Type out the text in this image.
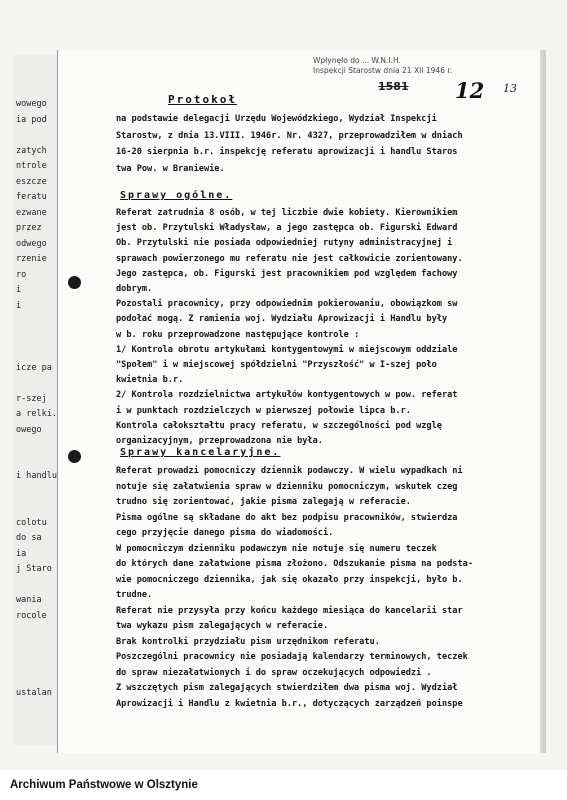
wowego
ia pod
zatych
ntrole
eszcze
feratu
ezwane
przez
odwego
rzenie
ro
i
i
icze pa
r-szej
a relki.
owego
i handlu
colotu
do sa
ia
j Staro
wania
rocole
ustalan
Wpłynęło do ... W.N.I.H.
Inspekcji Starostw dnia 21 XII 1946 r.
1581 12 13
Protokoł
na podstawie delegacji Urzędu Wojewódzkiego, Wydział Inspekcji
Starostw, z dnia 13.VIII. 1946r. Nr. 4327, przeprowadziłem w dniach
16-20 sierpnia b.r. inspekcję referatu aprowizacji i handlu Staros
twa Pow. w Braniewie.
Sprawy ogólne.
Referat zatrudnia 8 osób, w tej liczbie dwie kobiety. Kierownikiem
jest ob. Przytulski Władysław, a jego zastępca ob. Figurski Edward
Ob. Przytulski nie posiada odpowiedniej rutyny administracyjnej i
sprawach powierzonego mu referatu nie jest całkowicie zorientowany.
Jego zastępca, ob. Figurski jest pracownikiem pod względem fachowy
dobrym.
Pozostali pracownicy, przy odpowiednim pokierowaniu, obowiązkom sw
podołać mogą. Z ramienia woj. Wydziału Aprowizacji i Handlu były
w b. roku przeprowadzone następujące kontrole :
1/ Kontrola obrotu artykułami kontygentowymi w miejscowym oddziale
"Społem" i w miejscowej spółdzielni "Przyszłość" w I-szej poło
kwietnia b.r.
2/ Kontrola rozdzielnictwa artykułów kontygentowych w pow. referat
i w punktach rozdzielczych w pierwszej połowie lipca b.r.
Kontrola całokształtu pracy referatu, w szczególności pod wzglę
organizacyjnym, przeprowadzona nie była.
Sprawy kancelaryjne.
Referat prowadzi pomocniczy dziennik podawczy. W wielu wypadkach ni
notuje się załatwienia spraw w dzienniku pomocniczym, wskutek czeg
trudno się zorientować, jakie pisma zalegają w referacie.
Pisma ogólne są składane do akt bez podpisu pracowników, stwierdza
cego przyjęcie danego pisma do wiadomości.
W pomocniczym dzienniku podawczym nie notuje się numeru teczek
do których dane załatwione pisma złożono. Odszukanie pisma na podsta-
wie pomocniczego dziennika, jak się okazało przy inspekcji, było b.
trudne.
Referat nie przysyła przy końcu każdego miesiąca do kancelarii star
twa wykazu pism zalegających w referacie.
Brak kontrolki przydziału pism urzędnikom referatu.
Poszczególni pracownicy nie posiadają kalendarzy terminowych, teczek
do spraw niezałatwionych i do spraw oczekujących odpowiedzi .
Z wszczętych pism zalegających stwierdziłem dwa pisma woj. Wydział
Aprowizacji i Handlu z kwietnia b.r., dotyczących zarządzeń poinspe
Archiwum Państwowe w Olsztynie
